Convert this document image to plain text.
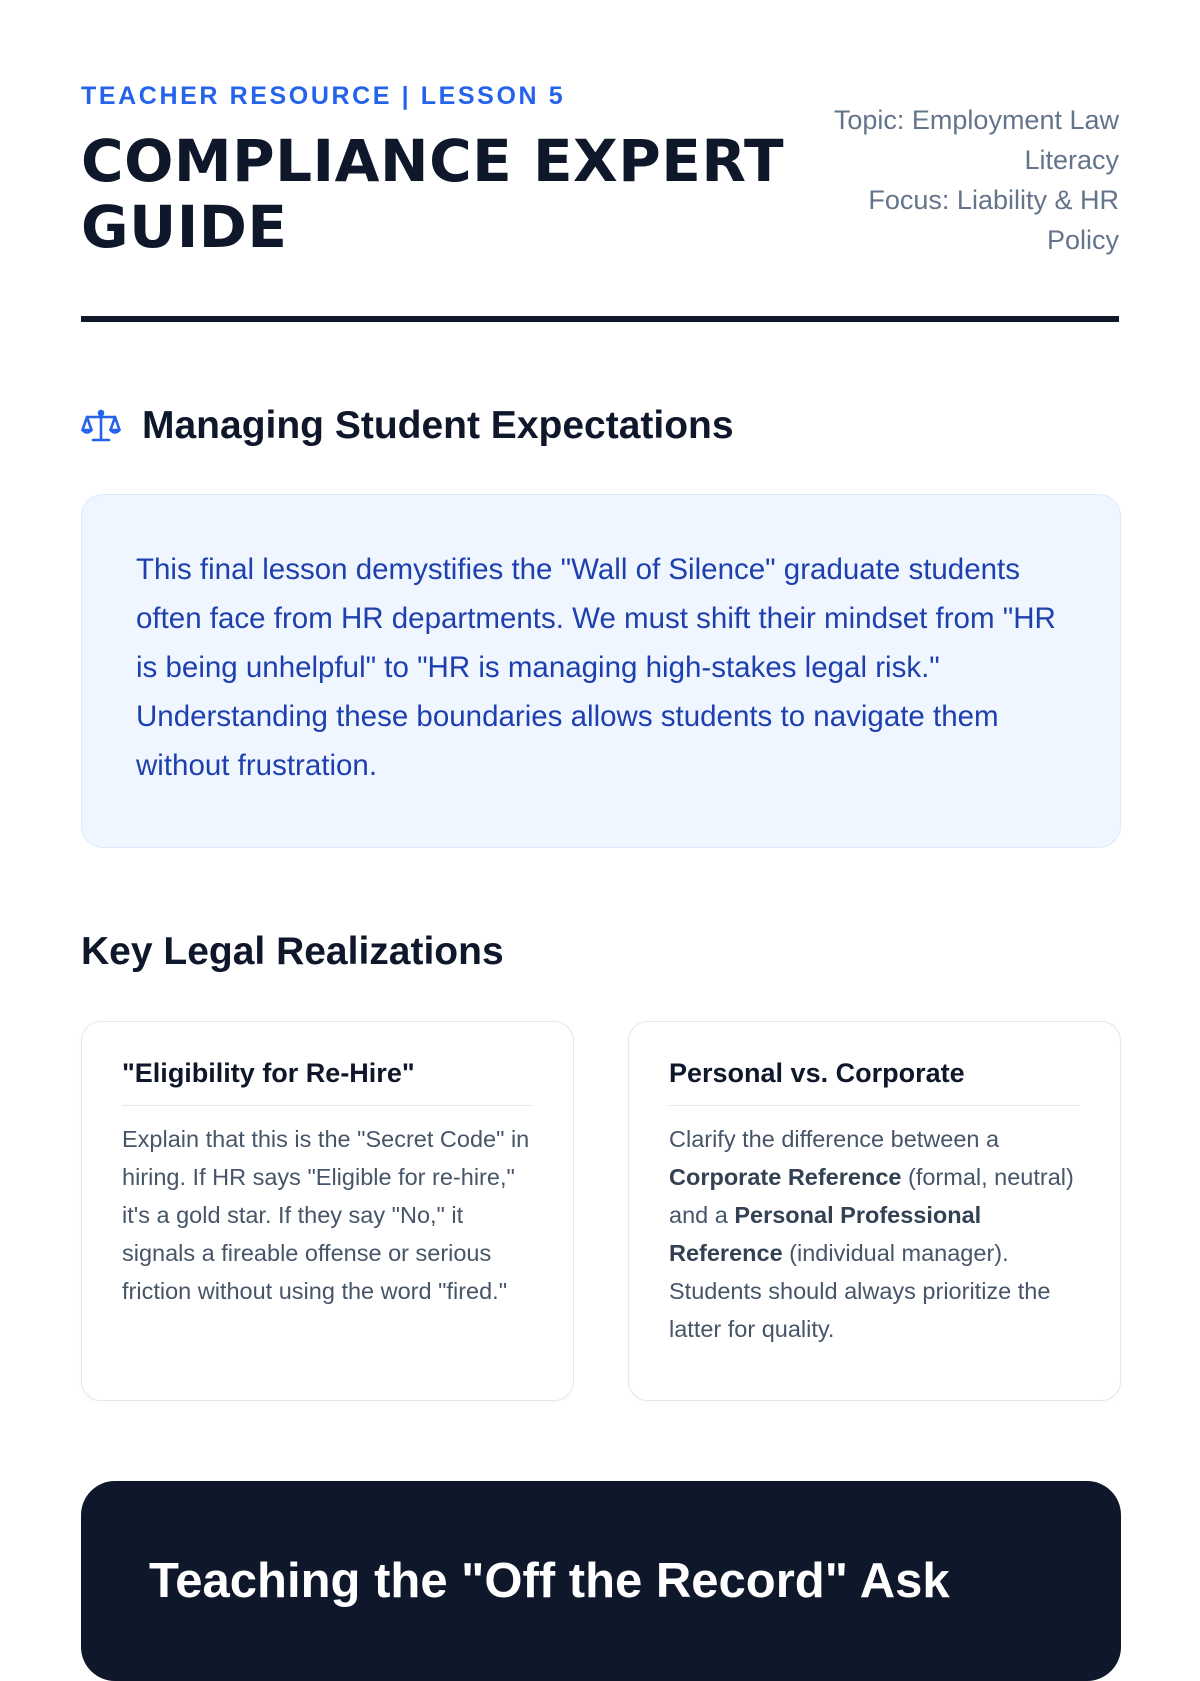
TEACHER RESOURCE | LESSON 5
COMPLIANCE EXPERT GUIDE
Topic: Employment Law Literacy
Focus: Liability & HR Policy
Managing Student Expectations

This final lesson demystifies the "Wall of Silence" graduate students often face from HR departments. We must shift their mindset from "HR is being unhelpful" to "HR is managing high-stakes legal risk." Understanding these boundaries allows students to navigate them without frustration.

Key Legal Realizations
"Eligibility for Re-Hire"

Explain that this is the "Secret Code" in hiring. If HR says "Eligible for re-hire," it's a gold star. If they say "No," it signals a fireable offense or serious friction without using the word "fired."

Personal vs. Corporate

Clarify the difference between a Corporate Reference (formal, neutral) and a Personal Professional Reference (individual manager). Students should always prioritize the latter for quality.

Teaching the "Off the Record" Ask
